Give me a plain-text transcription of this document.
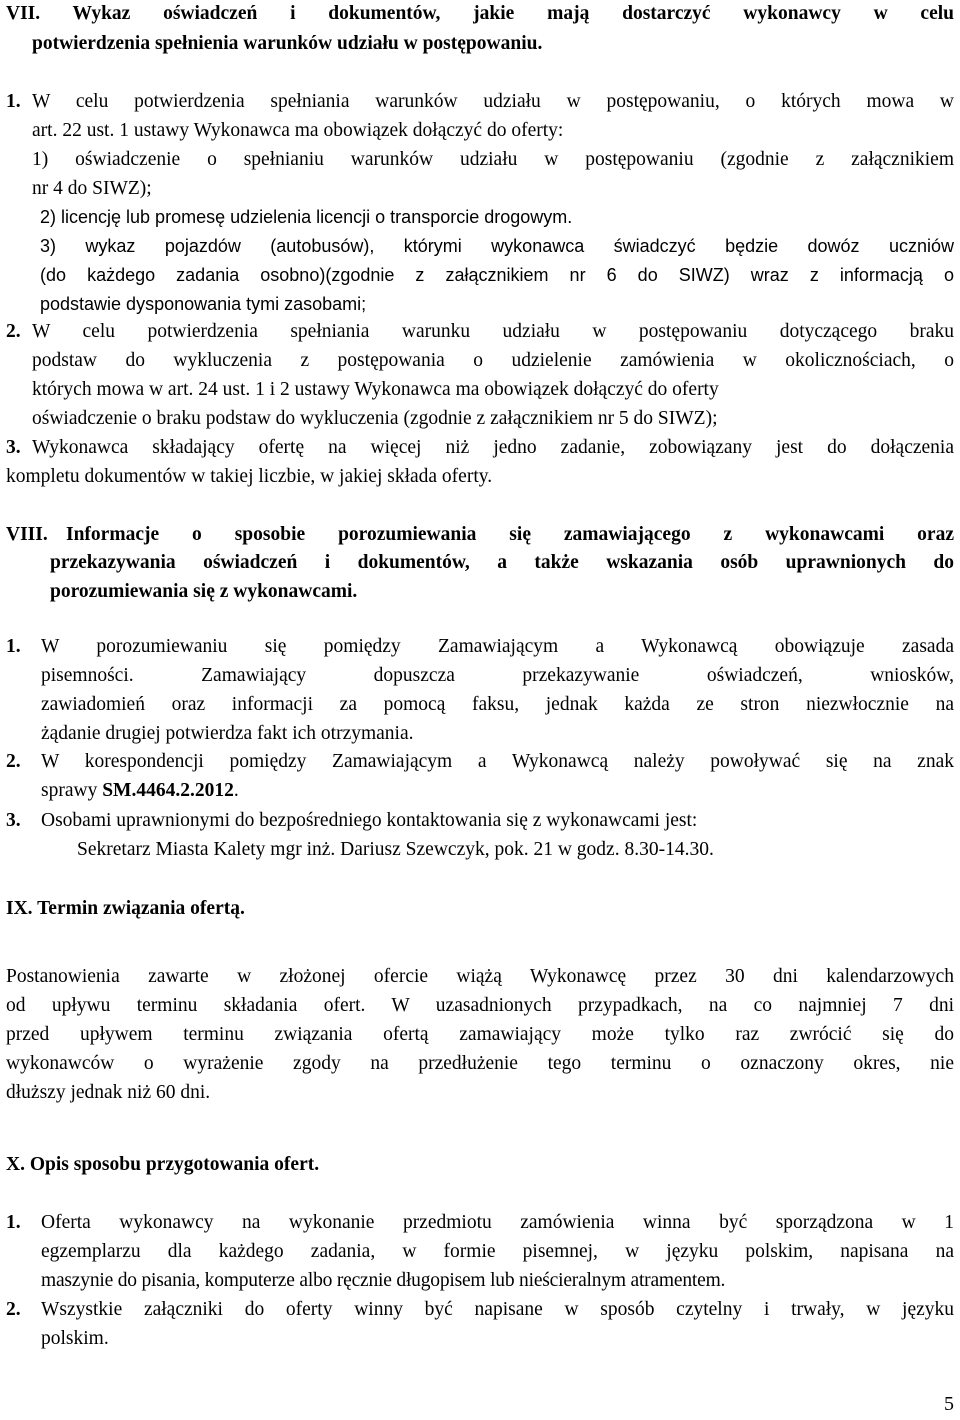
VII. Wykaz oświadczeń i dokumentów, jakie mają dostarczyć wykonawcy w celu
potwierdzenia spełnienia warunków udziału w postępowaniu.
1. W celu potwierdzenia spełniania warunków udziału w postępowaniu, o których mowa w
art. 22 ust. 1 ustawy Wykonawca ma obowiązek dołączyć do oferty:
1) oświadczenie o spełnianiu warunków udziału w postępowaniu (zgodnie z załącznikiem
nr 4 do SIWZ);
2) licencję lub promesę udzielenia licencji o transporcie drogowym.
3) wykaz pojazdów (autobusów), którymi wykonawca świadczyć będzie dowóz uczniów
(do każdego zadania osobno)(zgodnie z załącznikiem nr 6 do SIWZ) wraz z informacją o
podstawie dysponowania tymi zasobami;
2. W celu potwierdzenia spełniania warunku udziału w postępowaniu dotyczącego braku
podstaw do wykluczenia z postępowania o udzielenie zamówienia w okolicznościach, o
których mowa w art. 24 ust. 1 i 2 ustawy Wykonawca ma obowiązek dołączyć do oferty
oświadczenie o braku podstaw do wykluczenia (zgodnie z załącznikiem nr 5 do SIWZ);
3. Wykonawca składający ofertę na więcej niż jedno zadanie, zobowiązany jest do dołączenia
kompletu dokumentów w takiej liczbie, w jakiej składa oferty.
VIII. Informacje o sposobie porozumiewania się zamawiającego z wykonawcami oraz
przekazywania oświadczeń i dokumentów, a także wskazania osób uprawnionych do
porozumiewania się z wykonawcami.
1. W porozumiewaniu się pomiędzy Zamawiającym a Wykonawcą obowiązuje zasada
pisemności. Zamawiający dopuszcza przekazywanie oświadczeń, wniosków,
zawiadomień oraz informacji za pomocą faksu, jednak każda ze stron niezwłocznie na
żądanie drugiej potwierdza fakt ich otrzymania.
2. W korespondencji pomiędzy Zamawiającym a Wykonawcą należy powoływać się na znak
sprawy SM.4464.2.2012.
3. Osobami uprawnionymi do bezpośredniego kontaktowania się z wykonawcami jest:
Sekretarz Miasta Kalety mgr inż. Dariusz Szewczyk, pok. 21 w godz. 8.30-14.30.
IX. Termin związania ofertą.
Postanowienia zawarte w złożonej ofercie wiążą Wykonawcę przez 30 dni kalendarzowych
od upływu terminu składania ofert. W uzasadnionych przypadkach, na co najmniej 7 dni
przed upływem terminu związania ofertą zamawiający może tylko raz zwrócić się do
wykonawców o wyrażenie zgody na przedłużenie tego terminu o oznaczony okres, nie
dłuższy jednak niż 60 dni.
X. Opis sposobu przygotowania ofert.
1. Oferta wykonawcy na wykonanie przedmiotu zamówienia winna być sporządzona w 1
egzemplarzu dla każdego zadania, w formie pisemnej, w języku polskim, napisana na
maszynie do pisania, komputerze albo ręcznie długopisem lub nieścieralnym atramentem.
2. Wszystkie załączniki do oferty winny być napisane w sposób czytelny i trwały, w języku
polskim.
5
